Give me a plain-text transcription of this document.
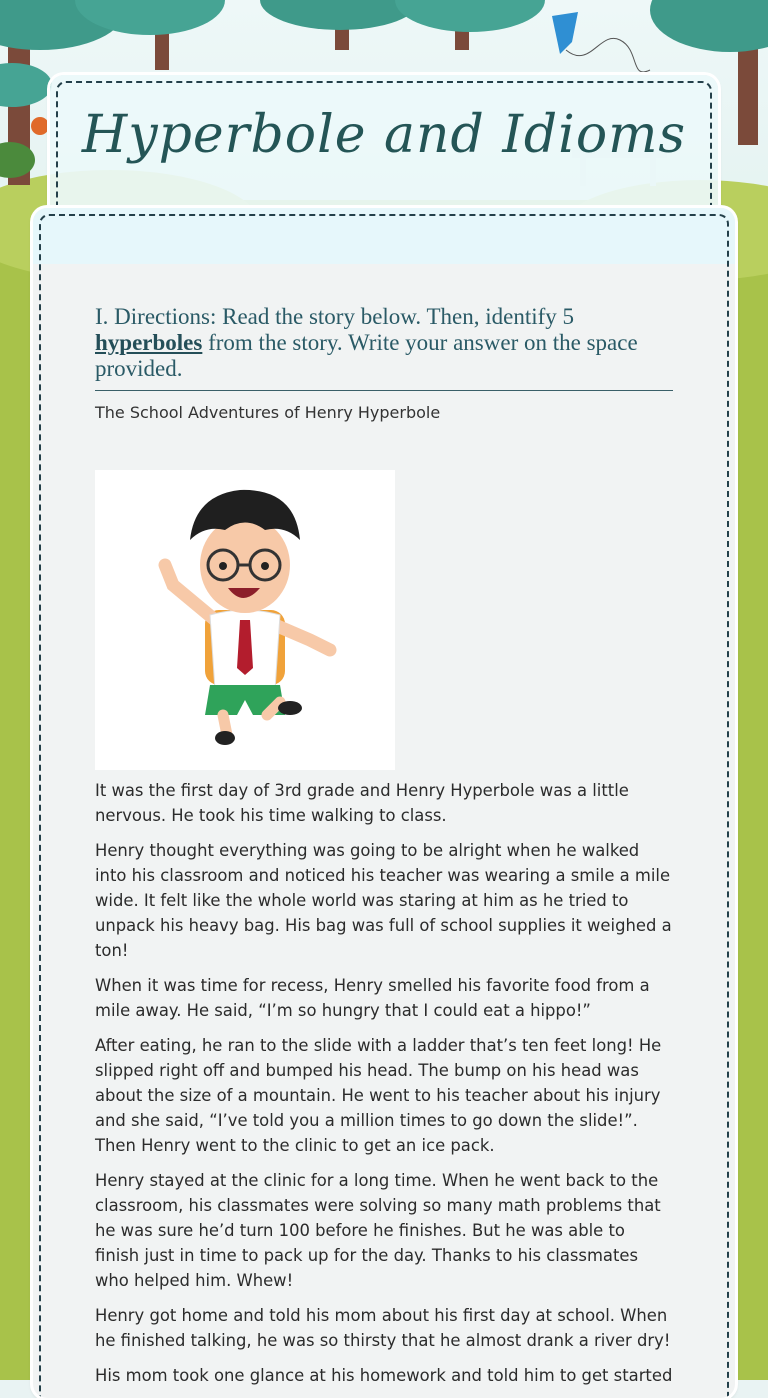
Hyperbole and Idioms

I. Directions: Read the story below. Then, identify 5 hyperboles from the story. Write your answer on the space provided.

The School Adventures of Henry Hyperbole

It was the first day of 3rd grade and Henry Hyperbole was a little nervous. He took his time walking to class.

Henry thought everything was going to be alright when he walked into his classroom and noticed his teacher was wearing a smile a mile wide. It felt like the whole world was staring at him as he tried to unpack his heavy bag. His bag was full of school supplies it weighed a ton!

When it was time for recess, Henry smelled his favorite food from a mile away. He said, “I’m so hungry that I could eat a hippo!”

After eating, he ran to the slide with a ladder that’s ten feet long! He slipped right off and bumped his head. The bump on his head was about the size of a mountain. He went to his teacher about his injury and she said, “I’ve told you a million times to go down the slide!”. Then Henry went to the clinic to get an ice pack.

Henry stayed at the clinic for a long time. When he went back to the classroom, his classmates were solving so many math problems that he was sure he’d turn 100 before he finishes. But he was able to finish just in time to pack up for the day. Thanks to his classmates who helped him. Whew!

Henry got home and told his mom about his first day at school. When he finished talking, he was so thirsty that he almost drank a river dry!

His mom took one glance at his homework and told him to get started
